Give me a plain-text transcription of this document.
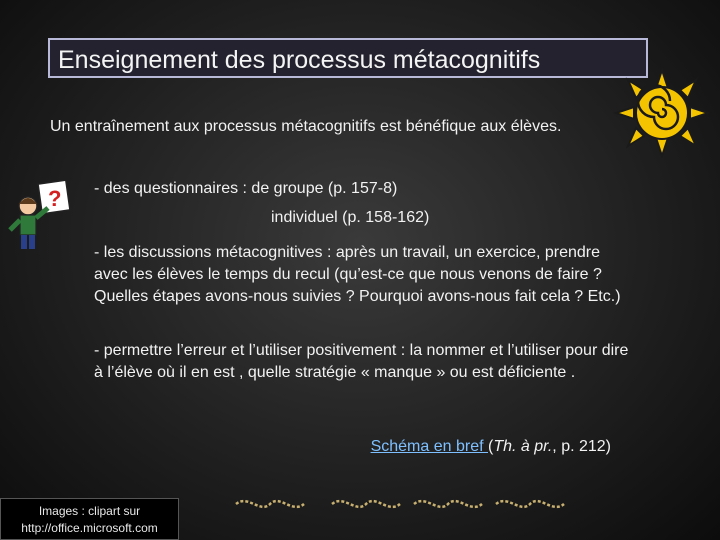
Enseignement des processus métacognitifs
Un entraînement aux processus métacognitifs est bénéfique aux élèves.
? - des questionnaires : de groupe (p. 157-8)
individuel (p. 158-162)
- les discussions métacognitives : après un travail, un exercice, prendre avec les élèves le temps du recul (qu’est-ce que nous venons de faire ? Quelles étapes avons-nous suivies ? Pourquoi avons-nous fait cela ? Etc.)
- permettre l’erreur et l’utiliser positivement : la nommer et l’utiliser pour dire à l’élève où il en est , quelle stratégie « manque » ou est déficiente .
Schéma en bref (Th. à pr., p. 212)
Images : clipart sur
http://office.microsoft.com
